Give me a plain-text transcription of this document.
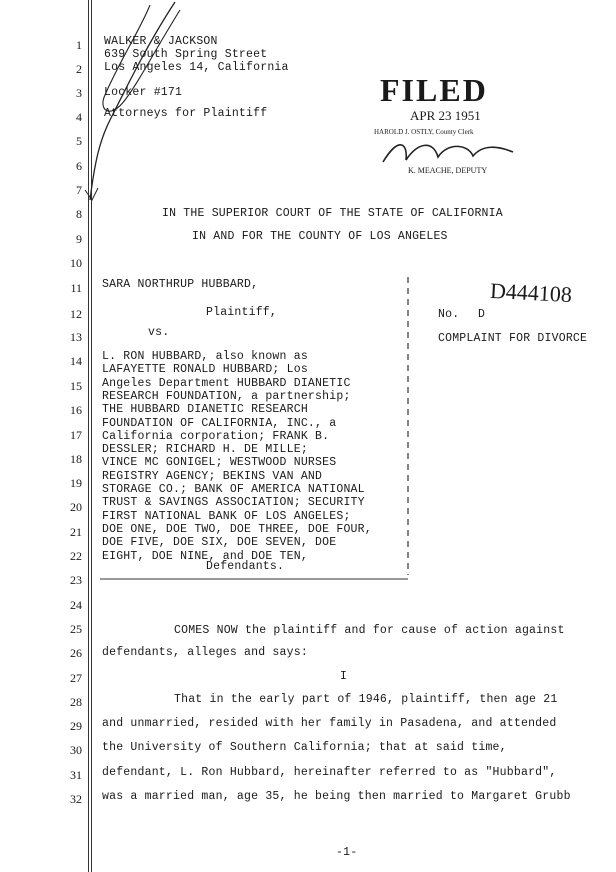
1
2
3
4
5
6
7
8
9
10
11
12
13
14
15
16
17
18
19
20
21
22
23
24
25
26
27
28
29
30
31
32
WALKER & JACKSON
639 South Spring Street
Los Angeles 14, California
Locker #171
Attorneys for Plaintiff
FILED
APR 23 1951
HAROLD J. OSTLY, County Clerk
K. MEACHE, DEPUTY
IN THE SUPERIOR COURT OF THE STATE OF CALIFORNIA
IN AND FOR THE COUNTY OF LOS ANGELES
SARA NORTHRUP HUBBARD,
Plaintiff,
vs.
L. RON HUBBARD, also known as
LAFAYETTE RONALD HUBBARD; Los
Angeles Department HUBBARD DIANETIC
RESEARCH FOUNDATION, a partnership;
THE HUBBARD DIANETIC RESEARCH
FOUNDATION OF CALIFORNIA, INC., a
California corporation; FRANK B.
DESSLER; RICHARD H. DE MILLE;
VINCE MC GONIGEL; WESTWOOD NURSES
REGISTRY AGENCY; BEKINS VAN AND
STORAGE CO.; BANK OF AMERICA NATIONAL
TRUST & SAVINGS ASSOCIATION; SECURITY
FIRST NATIONAL BANK OF LOS ANGELES;
DOE ONE, DOE TWO, DOE THREE, DOE FOUR,
DOE FIVE, DOE SIX, DOE SEVEN, DOE
EIGHT, DOE NINE, and DOE TEN,
Defendants.
No. D
D444108
COMPLAINT FOR DIVORCE
COMES NOW the plaintiff and for cause of action against
defendants, alleges and says:
I
That in the early part of 1946, plaintiff, then age 21
and unmarried, resided with her family in Pasadena, and attended
the University of Southern California; that at said time,
defendant, L. Ron Hubbard, hereinafter referred to as "Hubbard",
was a married man, age 35, he being then married to Margaret Grubb
-1-
